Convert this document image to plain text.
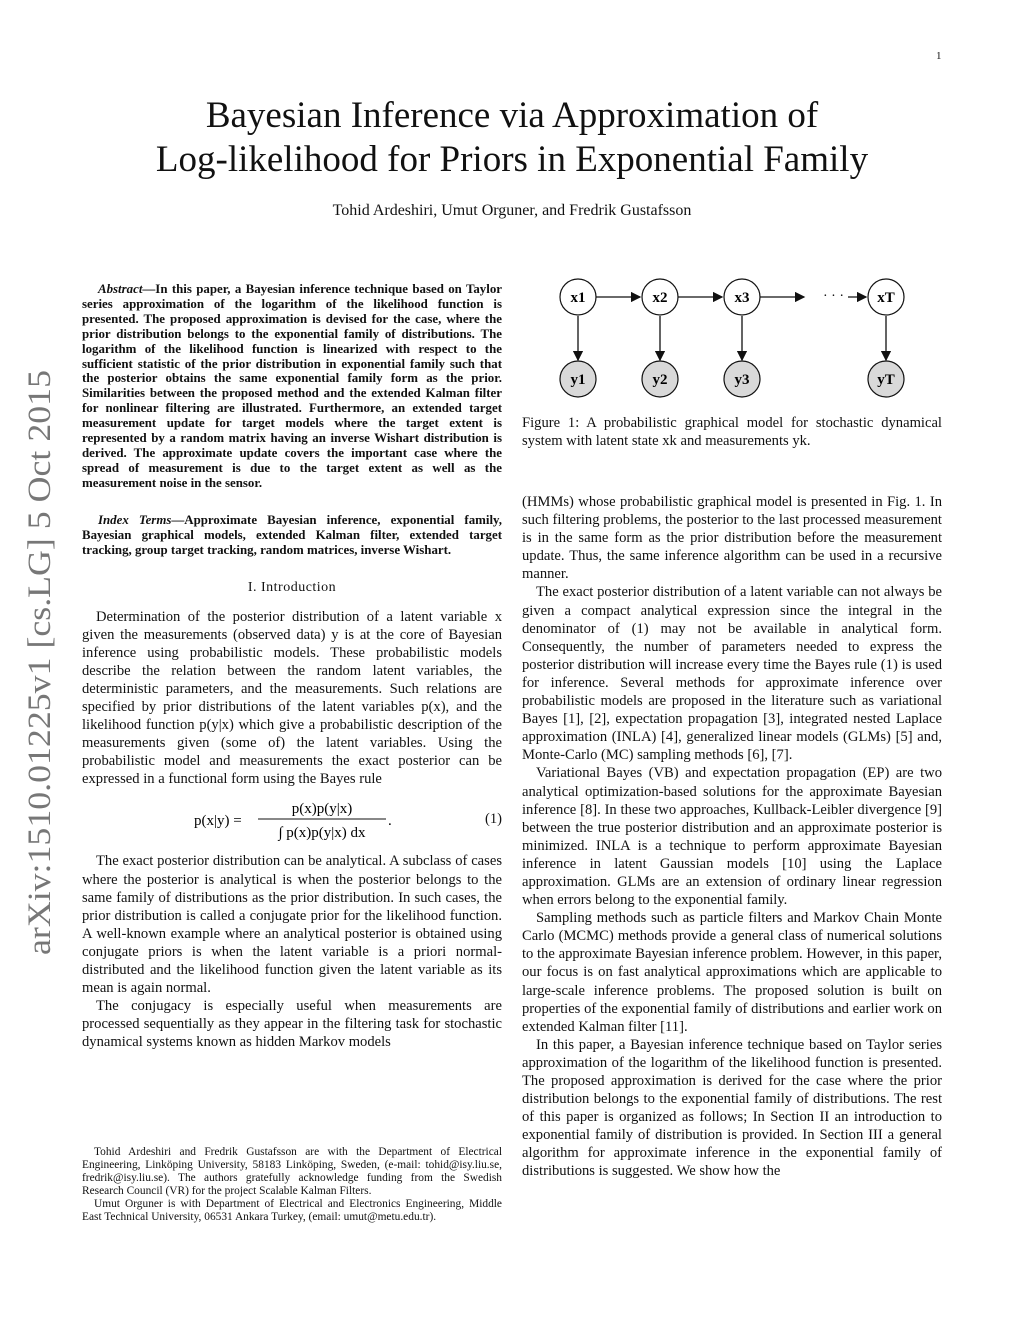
1
Bayesian Inference via Approximation of
Log-likelihood for Priors in Exponential Family
Tohid Ardeshiri, Umut Orguner, and Fredrik Gustafsson
arXiv:1510.01225v1 [cs.LG] 5 Oct 2015

Abstract—In this paper, a Bayesian inference technique based on Taylor series approximation of the logarithm of the likelihood function is presented. The proposed approximation is devised for the case, where the prior distribution belongs to the exponential family of distributions. The logarithm of the likelihood function is linearized with respect to the sufficient statistic of the prior distribution in exponential family such that the posterior obtains the same exponential family form as the prior. Similarities between the proposed method and the extended Kalman filter for nonlinear filtering are illustrated. Furthermore, an extended target measurement update for target models where the target extent is represented by a random matrix having an inverse Wishart distribution is derived. The approximate update covers the important case where the spread of measurement is due to the target extent as well as the measurement noise in the sensor.

Index Terms—Approximate Bayesian inference, exponential family, Bayesian graphical models, extended Kalman filter, extended target tracking, group target tracking, random matrices, inverse Wishart.

I. Introduction

Determination of the posterior distribution of a latent variable x given the measurements (observed data) y is at the core of Bayesian inference using probabilistic models. These probabilistic models describe the relation between the random latent variables, the deterministic parameters, and the measurements. Such relations are specified by prior distributions of the latent variables p(x), and the likelihood function p(y|x) which give a probabilistic description of the measurements given (some of) the latent variables. Using the probabilistic model and measurements the exact posterior can be expressed in a functional form using the Bayes rule

p(x|y) =
p(x)p(y|x)
∫ p(x)p(y|x) dx
.	(1)

The exact posterior distribution can be analytical. A subclass of cases where the posterior is analytical is when the posterior belongs to the same family of distributions as the prior distribution. In such cases, the prior distribution is called a conjugate prior for the likelihood function. A well-known example where an analytical posterior is obtained using conjugate priors is when the latent variable is a priori normal-distributed and the likelihood function given the latent variable as its mean is again normal.

The conjugacy is especially useful when measurements are processed sequentially as they appear in the filtering task for stochastic dynamical systems known as hidden Markov models

Tohid Ardeshiri and Fredrik Gustafsson are with the Department of Electrical Engineering, Linköping University, 58183 Linköping, Sweden, (e-mail: tohid@isy.liu.se, fredrik@isy.liu.se). The authors gratefully acknowledge funding from the Swedish Research Council (VR) for the project Scalable Kalman Filters.

Umut Orguner is with Department of Electrical and Electronics Engineering, Middle East Technical University, 06531 Ankara Turkey, (email: umut@metu.edu.tr).

· · ·
x1	x2	x3	xT
y1	y2	y3	yT
Figure 1: A probabilistic graphical model for stochastic dynamical system with latent state xk and measurements yk.

(HMMs) whose probabilistic graphical model is presented in Fig. 1. In such filtering problems, the posterior to the last processed measurement is in the same form as the prior distribution before the measurement update. Thus, the same inference algorithm can be used in a recursive manner.

The exact posterior distribution of a latent variable can not always be given a compact analytical expression since the integral in the denominator of (1) may not be available in analytical form. Consequently, the number of parameters needed to express the posterior distribution will increase every time the Bayes rule (1) is used for inference. Several methods for approximate inference over probabilistic models are proposed in the literature such as variational Bayes [1], [2], expectation propagation [3], integrated nested Laplace approximation (INLA) [4], generalized linear models (GLMs) [5] and, Monte-Carlo (MC) sampling methods [6], [7].

Variational Bayes (VB) and expectation propagation (EP) are two analytical optimization-based solutions for the approximate Bayesian inference [8]. In these two approaches, Kullback-Leibler divergence [9] between the true posterior distribution and an approximate posterior is minimized. INLA is a technique to perform approximate Bayesian inference in latent Gaussian models [10] using the Laplace approximation. GLMs are an extension of ordinary linear regression when errors belong to the exponential family.

Sampling methods such as particle filters and Markov Chain Monte Carlo (MCMC) methods provide a general class of numerical solutions to the approximate Bayesian inference problem. However, in this paper, our focus is on fast analytical approximations which are applicable to large-scale inference problems. The proposed solution is built on properties of the exponential family of distributions and earlier work on extended Kalman filter [11].

In this paper, a Bayesian inference technique based on Taylor series approximation of the logarithm of the likelihood function is presented. The proposed approximation is derived for the case where the prior distribution belongs to the exponential family of distributions. The rest of this paper is organized as follows; In Section II an introduction to exponential family of distribution is provided. In Section III a general algorithm for approximate inference in the exponential family of distributions is suggested. We show how the
